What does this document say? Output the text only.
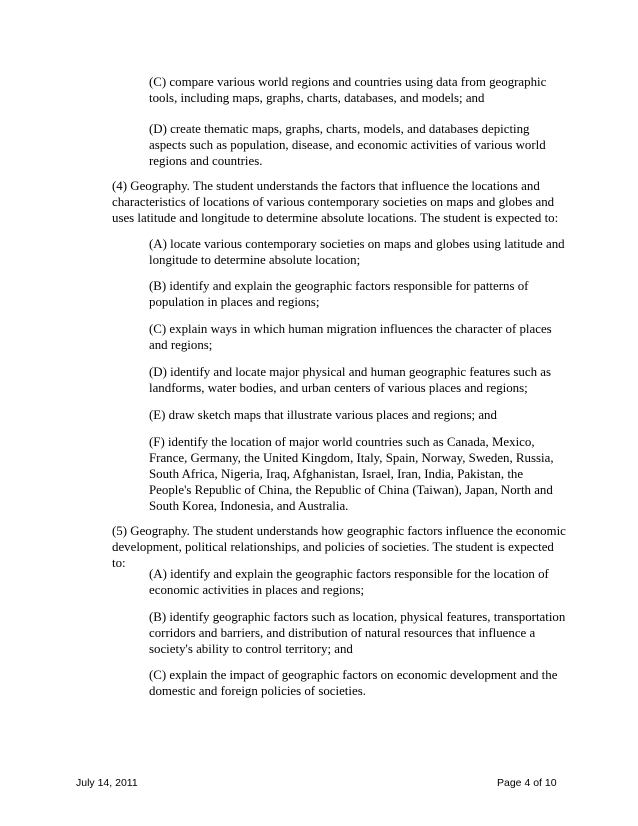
(C) compare various world regions and countries using data from geographic tools, including maps, graphs, charts, databases, and models; and

(D) create thematic maps, graphs, charts, models, and databases depicting aspects such as population, disease, and economic activities of various world regions and countries.

(4) Geography. The student understands the factors that influence the locations and characteristics of locations of various contemporary societies on maps and globes and uses latitude and longitude to determine absolute locations. The student is expected to:

(A) locate various contemporary societies on maps and globes using latitude and longitude to determine absolute location;

(B) identify and explain the geographic factors responsible for patterns of population in places and regions;

(C) explain ways in which human migration influences the character of places and regions;

(D) identify and locate major physical and human geographic features such as landforms, water bodies, and urban centers of various places and regions;

(E) draw sketch maps that illustrate various places and regions; and

(F) identify the location of major world countries such as Canada, Mexico, France, Germany, the United Kingdom, Italy, Spain, Norway, Sweden, Russia, South Africa, Nigeria, Iraq, Afghanistan, Israel, Iran, India, Pakistan, the People's Republic of China, the Republic of China (Taiwan), Japan, North and South Korea, Indonesia, and Australia.

(5) Geography. The student understands how geographic factors influence the economic development, political relationships, and policies of societies. The student is expected to:

(A) identify and explain the geographic factors responsible for the location of economic activities in places and regions;

(B) identify geographic factors such as location, physical features, transportation corridors and barriers, and distribution of natural resources that influence a society's ability to control territory; and

(C) explain the impact of geographic factors on economic development and the domestic and foreign policies of societies.

July 14, 2011	Page 4 of 10
